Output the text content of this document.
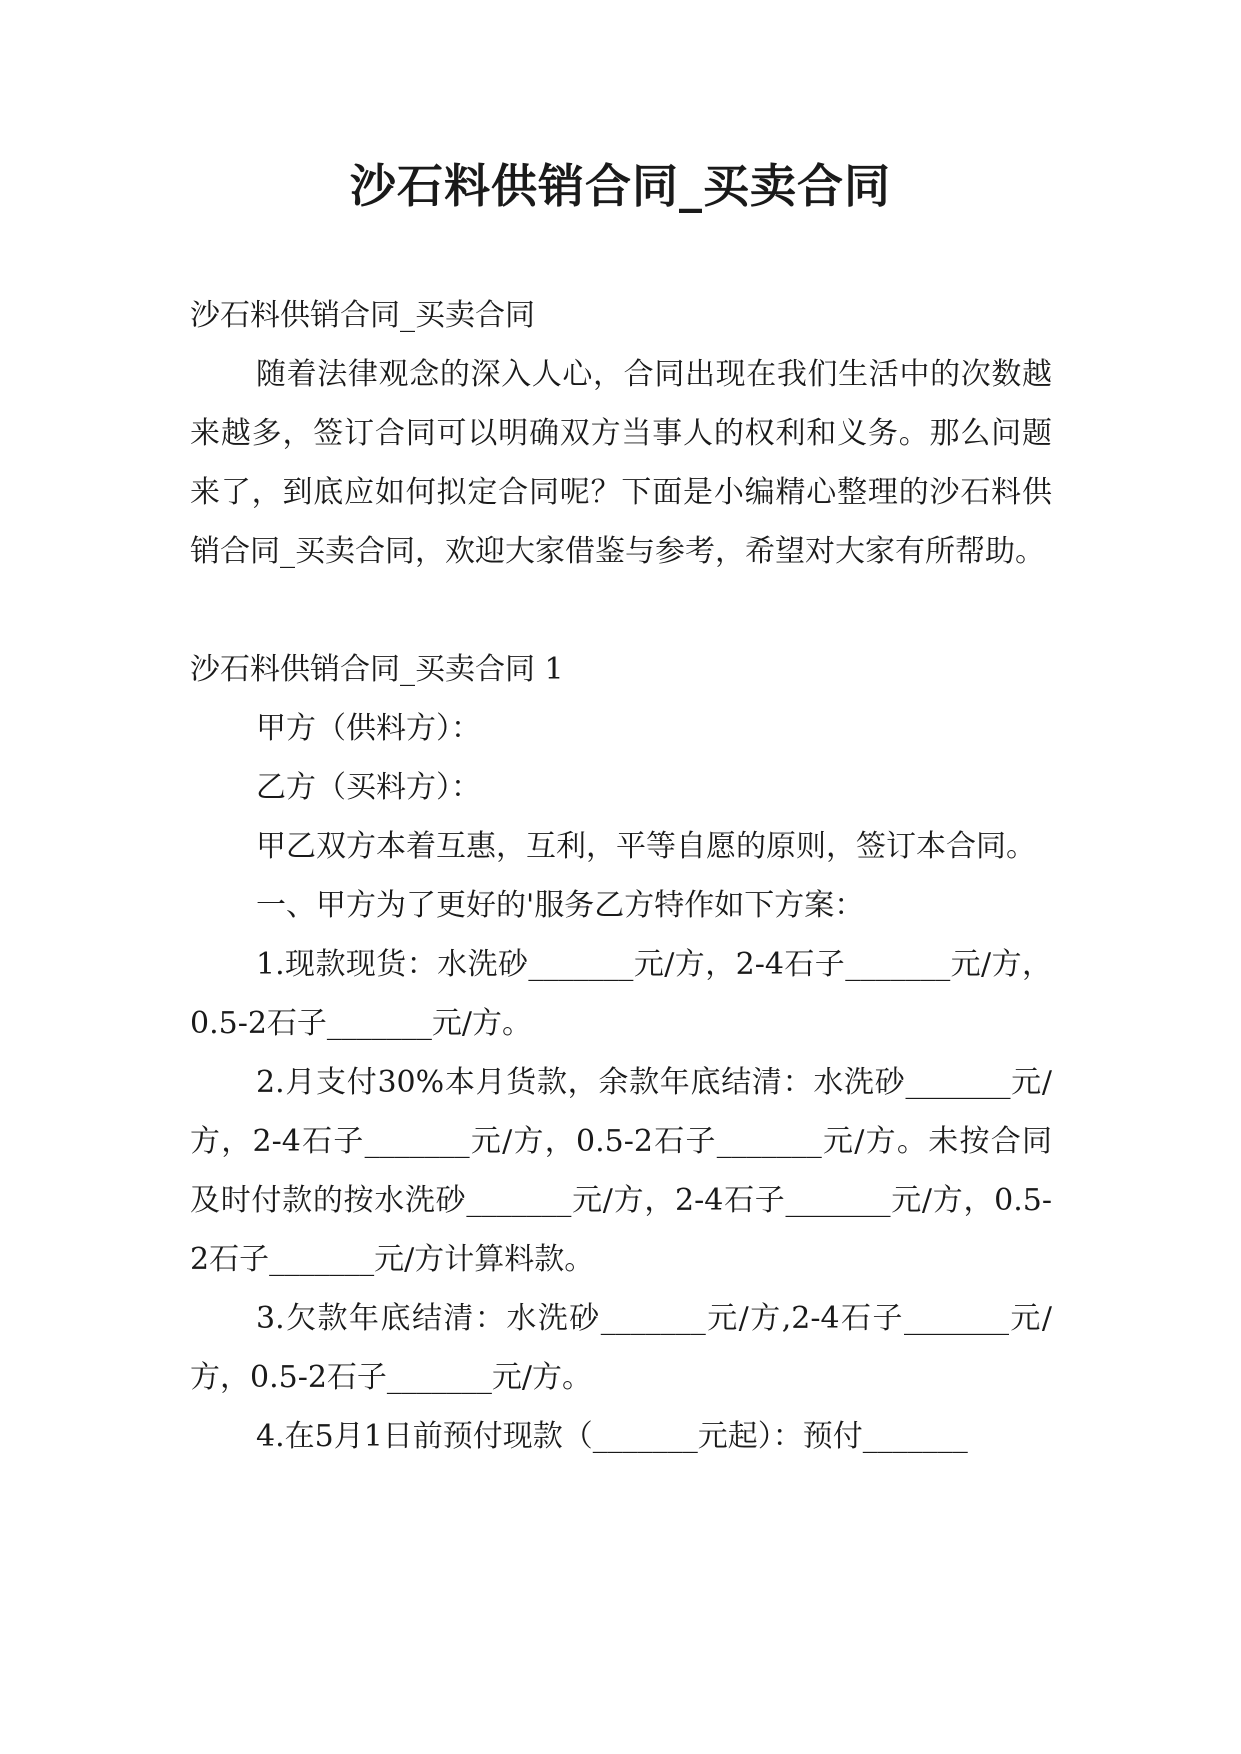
沙石料供销合同_买卖合同

沙石料供销合同_买卖合同

随着法律观念的深入人心，合同出现在我们生活中的次数越来越多，签订合同可以明确双方当事人的权利和义务。那么问题来了，到底应如何拟定合同呢？下面是小编精心整理的沙石料供销合同_买卖合同，欢迎大家借鉴与参考，希望对大家有所帮助。

沙石料供销合同_买卖合同 1

甲方（供料方）：

乙方（买料方）：

甲乙双方本着互惠，互利，平等自愿的原则，签订本合同。

一、甲方为了更好的'服务乙方特作如下方案：

1.现款现货：水洗砂_______元/方，2-4石子_______元/方，0.5-2石子_______元/方。

2.月支付30%本月货款，余款年底结清：水洗砂_______元/方，2-4石子_______元/方，0.5-2石子_______元/方。未按合同及时付款的按水洗砂_______元/方，2-4石子_______元/方，0.5-2石子_______元/方计算料款。

3.欠款年底结清：水洗砂_______元/方,2-4石子_______元/方，0.5-2石子_______元/方。

4.在5月1日前预付现款（_______元起）：预付_______
